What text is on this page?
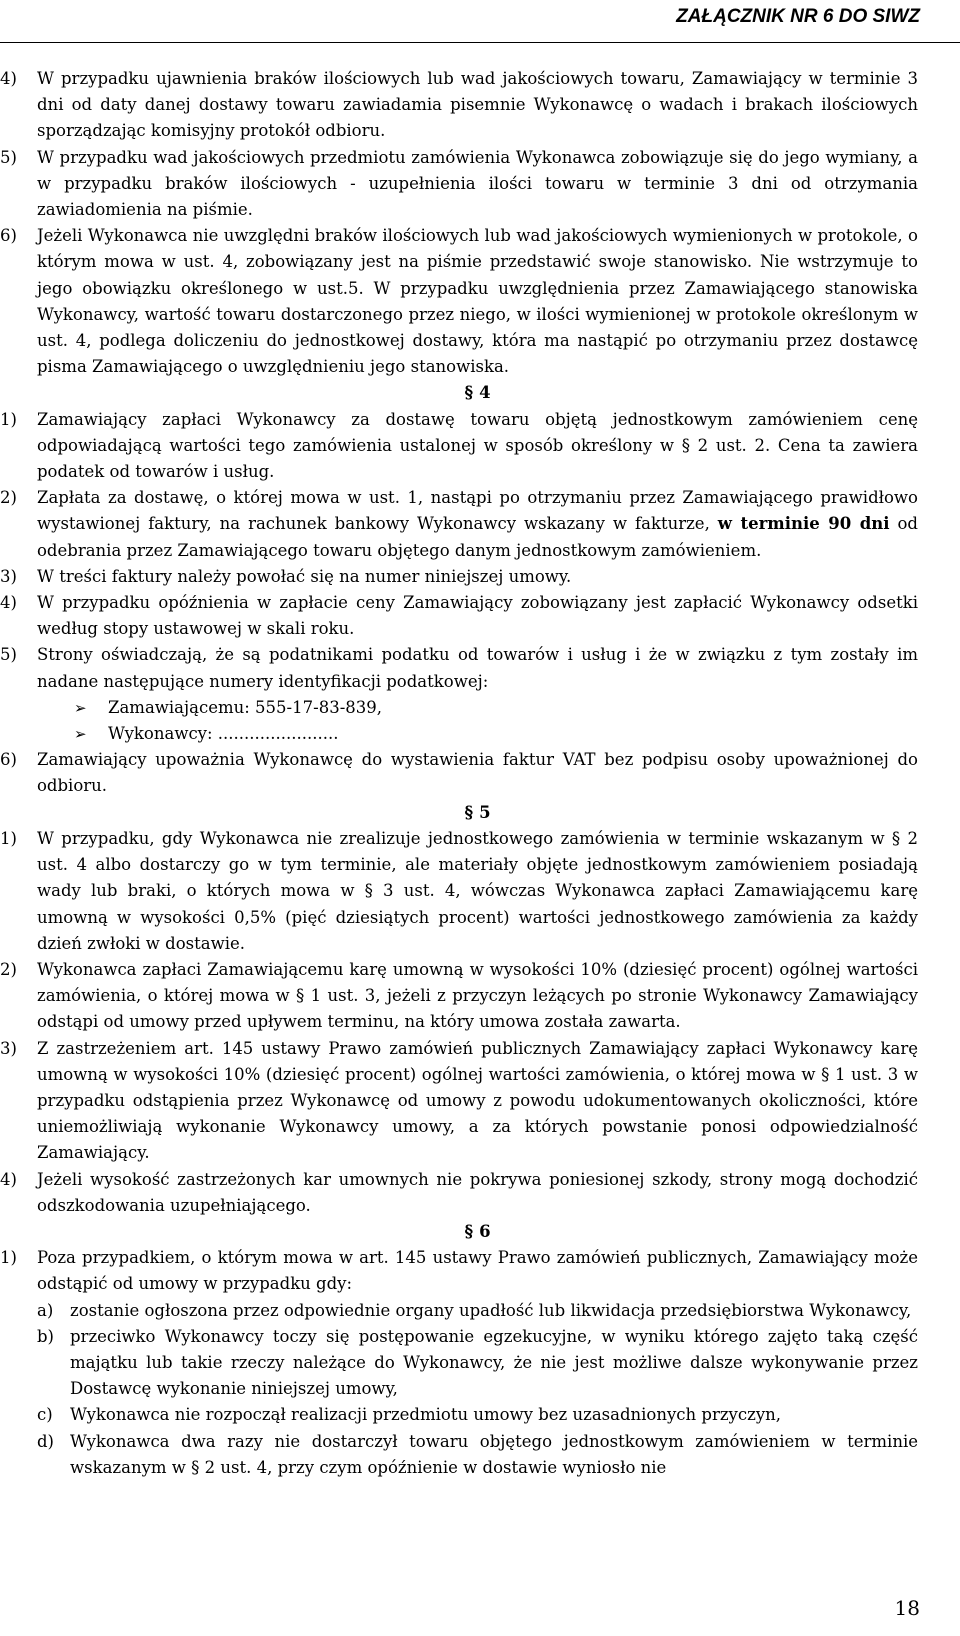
ZAŁĄCZNIK NR 6 DO SIWZ
4) W przypadku ujawnienia braków ilościowych lub wad jakościowych towaru, Zamawiający w terminie 3 dni od daty danej dostawy towaru zawiadamia pisemnie Wykonawcę o wadach i brakach ilościowych sporządzając komisyjny protokół odbioru.
5) W przypadku wad jakościowych przedmiotu zamówienia Wykonawca zobowiązuje się do jego wymiany, a w przypadku braków ilościowych - uzupełnienia ilości towaru w terminie 3 dni od otrzymania zawiadomienia na piśmie.
6) Jeżeli Wykonawca nie uwzględni braków ilościowych lub wad jakościowych wymienionych w protokole, o którym mowa w ust. 4, zobowiązany jest na piśmie przedstawić swoje stanowisko. Nie wstrzymuje to jego obowiązku określonego w ust.5. W przypadku uwzględnienia przez Zamawiającego stanowiska Wykonawcy, wartość towaru dostarczonego przez niego, w ilości wymienionej w protokole określonym w ust. 4, podlega doliczeniu do jednostkowej dostawy, która ma nastąpić po otrzymaniu przez dostawcę pisma Zamawiającego o uwzględnieniu jego stanowiska.
§ 4
1) Zamawiający zapłaci Wykonawcy za dostawę towaru objętą jednostkowym zamówieniem cenę odpowiadającą wartości tego zamówienia ustalonej w sposób określony w § 2 ust. 2. Cena ta zawiera podatek od towarów i usług.
2) Zapłata za dostawę, o której mowa w ust. 1, nastąpi po otrzymaniu przez Zamawiającego prawidłowo wystawionej faktury, na rachunek bankowy Wykonawcy wskazany w fakturze, w terminie 90 dni od odebrania przez Zamawiającego towaru objętego danym jednostkowym zamówieniem.
3) W treści faktury należy powołać się na numer niniejszej umowy.
4) W przypadku opóźnienia w zapłacie ceny Zamawiający zobowiązany jest zapłacić Wykonawcy odsetki według stopy ustawowej w skali roku.
5) Strony oświadczają, że są podatnikami podatku od towarów i usług i że w związku z tym zostały im nadane następujące numery identyfikacji podatkowej:
➢ Zamawiającemu: 555-17-83-839,
➢ Wykonawcy: .......................
6) Zamawiający upoważnia Wykonawcę do wystawienia faktur VAT bez podpisu osoby upoważnionej do odbioru.
§ 5
1) W przypadku, gdy Wykonawca nie zrealizuje jednostkowego zamówienia w terminie wskazanym w § 2 ust. 4 albo dostarczy go w tym terminie, ale materiały objęte jednostkowym zamówieniem posiadają wady lub braki, o których mowa w § 3 ust. 4, wówczas Wykonawca zapłaci Zamawiającemu karę umowną w wysokości 0,5% (pięć dziesiątych procent) wartości jednostkowego zamówienia za każdy dzień zwłoki w dostawie.
2) Wykonawca zapłaci Zamawiającemu karę umowną w wysokości 10% (dziesięć procent) ogólnej wartości zamówienia, o której mowa w § 1 ust. 3, jeżeli z przyczyn leżących po stronie Wykonawcy Zamawiający odstąpi od umowy przed upływem terminu, na który umowa została zawarta.
3) Z zastrzeżeniem art. 145 ustawy Prawo zamówień publicznych Zamawiający zapłaci Wykonawcy karę umowną w wysokości 10% (dziesięć procent) ogólnej wartości zamówienia, o której mowa w § 1 ust. 3 w przypadku odstąpienia przez Wykonawcę od umowy z powodu udokumentowanych okoliczności, które uniemożliwiają wykonanie Wykonawcy umowy, a za których powstanie ponosi odpowiedzialność Zamawiający.
4) Jeżeli wysokość zastrzeżonych kar umownych nie pokrywa poniesionej szkody, strony mogą dochodzić odszkodowania uzupełniającego.
§ 6
1) Poza przypadkiem, o którym mowa w art. 145 ustawy Prawo zamówień publicznych, Zamawiający może odstąpić od umowy w przypadku gdy:
a) zostanie ogłoszona przez odpowiednie organy upadłość lub likwidacja przedsiębiorstwa Wykonawcy,
b) przeciwko Wykonawcy toczy się postępowanie egzekucyjne, w wyniku którego zajęto taką część majątku lub takie rzeczy należące do Wykonawcy, że nie jest możliwe dalsze wykonywanie przez Dostawcę wykonanie niniejszej umowy,
c) Wykonawca nie rozpoczął realizacji przedmiotu umowy bez uzasadnionych przyczyn,
d) Wykonawca dwa razy nie dostarczył towaru objętego jednostkowym zamówieniem w terminie wskazanym w § 2 ust. 4, przy czym opóźnienie w dostawie wyniosło nie
18
